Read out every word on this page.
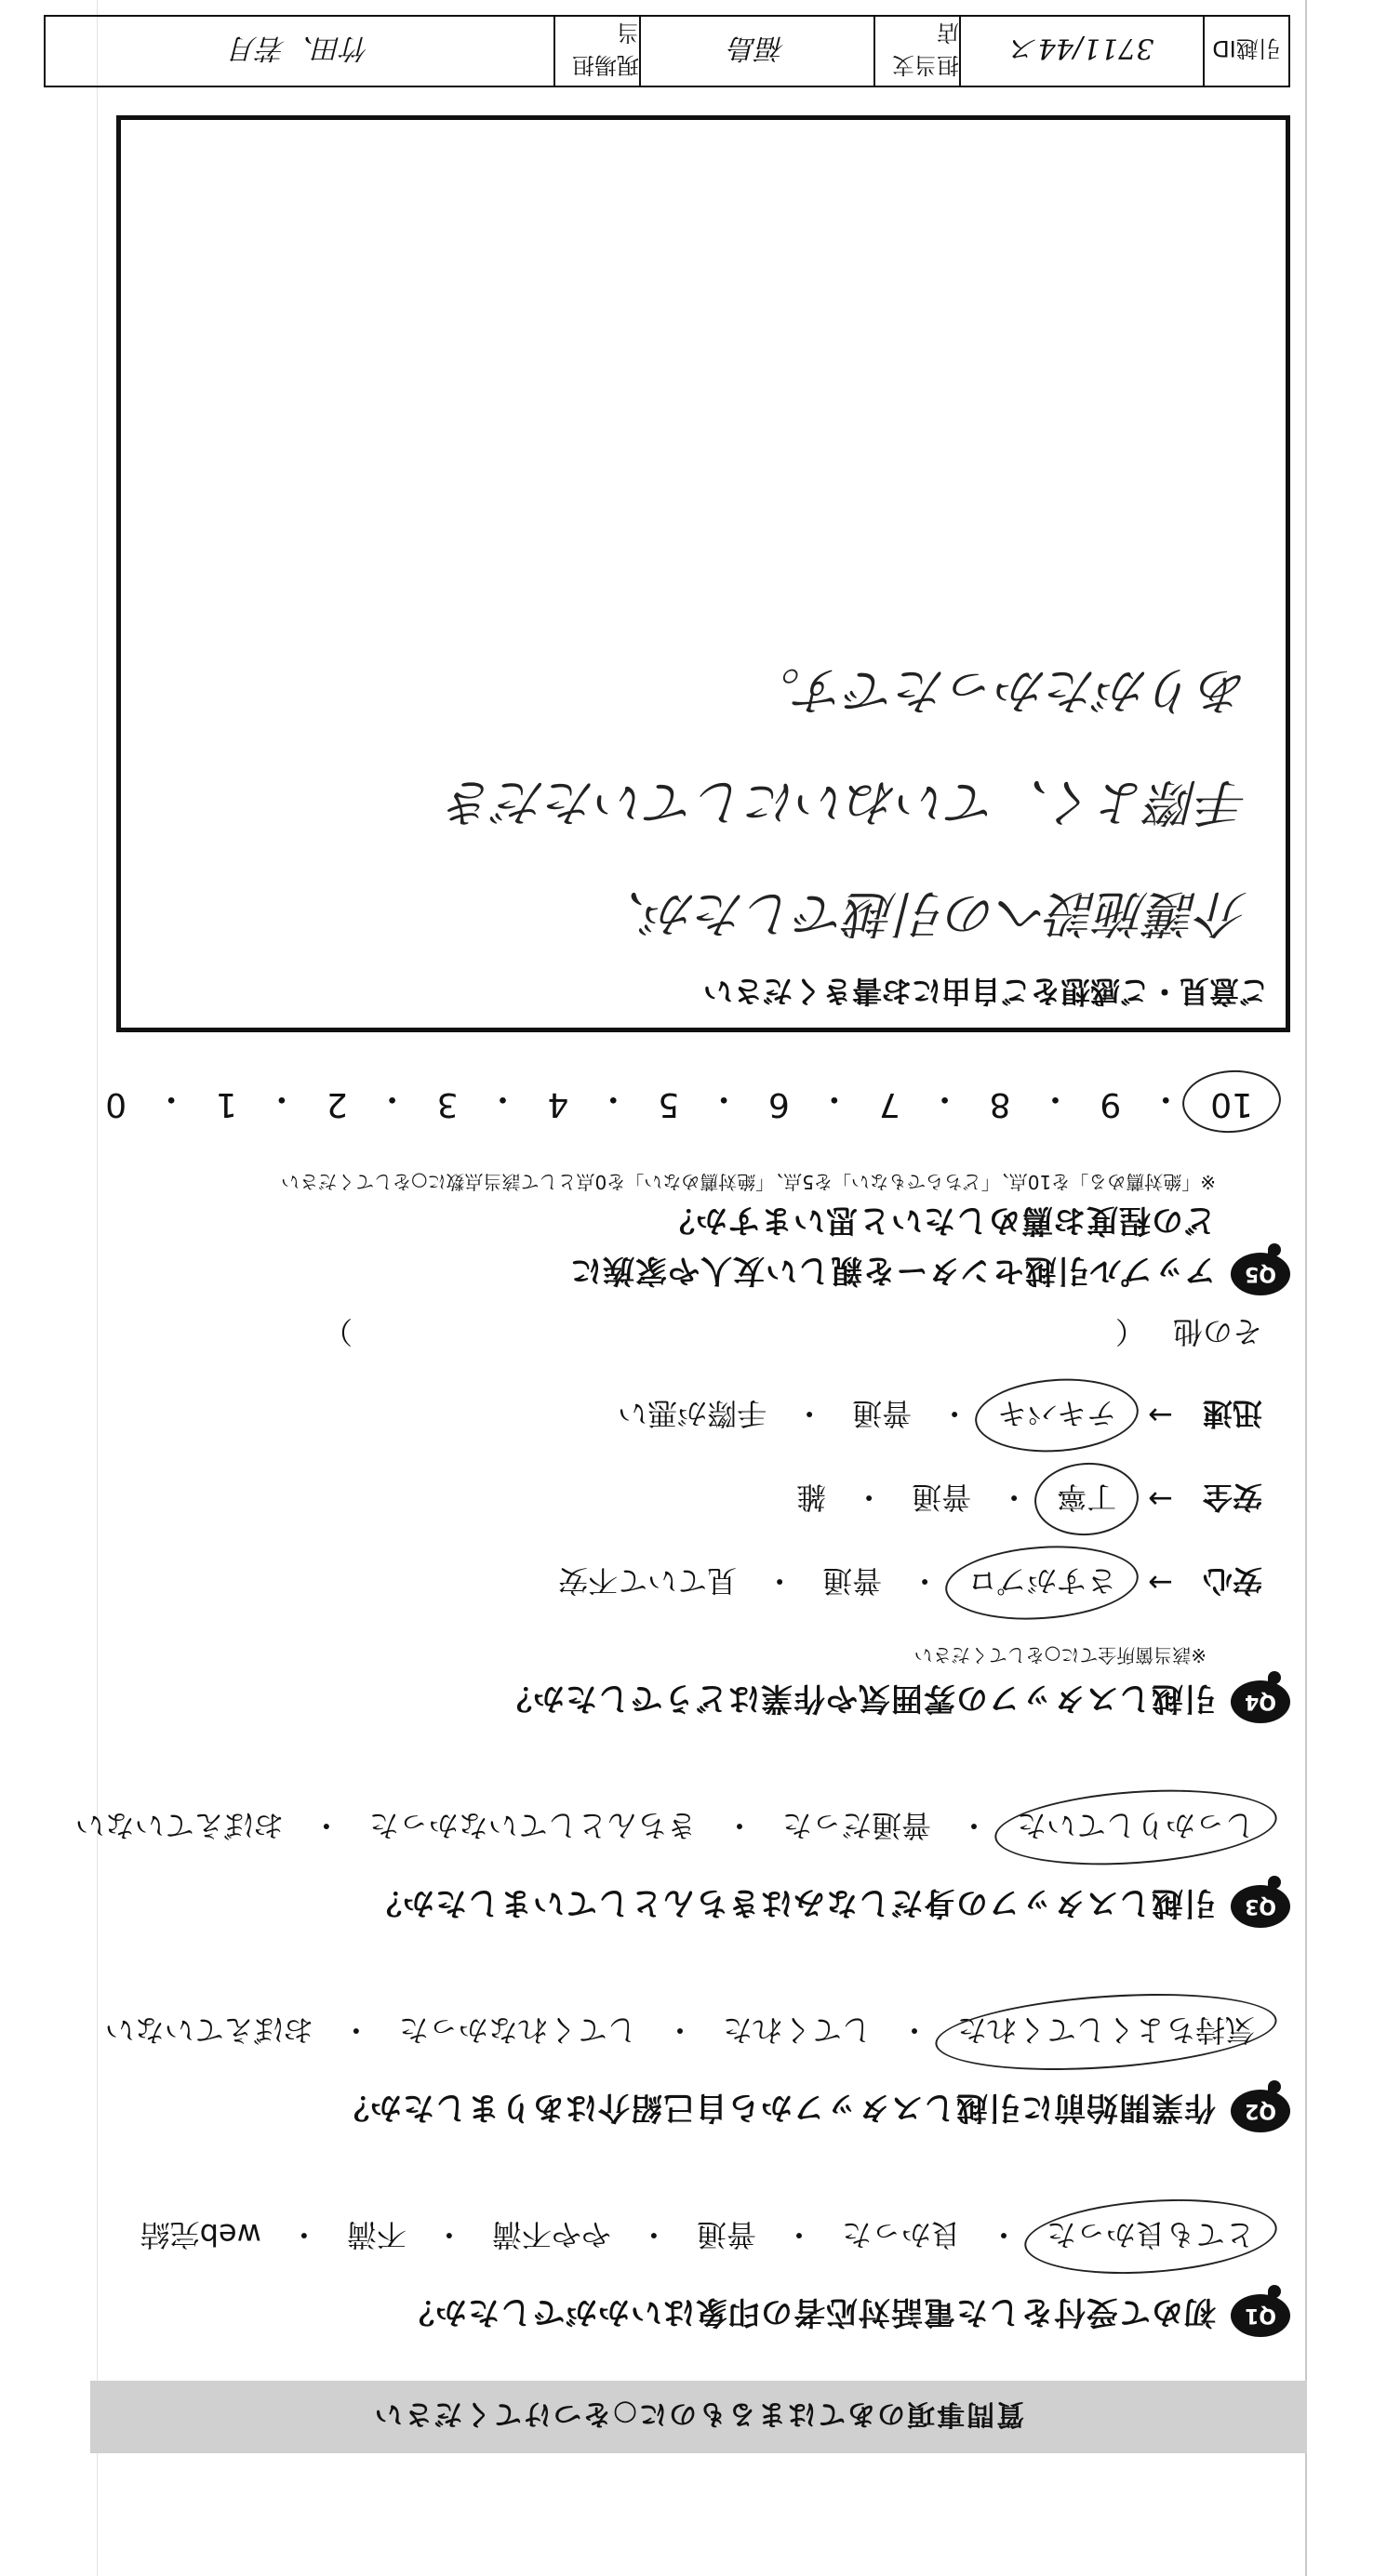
質問事項のあてはまるものに○をつけてください
Q1
初めて受付をした電話対応者の印象はいかがでしたか？
とても良かった
・
良かった
・
普通
・
やや不満
・
不満
・
web完結
Q2
作業開始前に引越しスタッフから自己紹介はありましたか？
気持ちよくしてくれた
・
してくれた
・
してくれなかった
・
おぼえていない
Q3
引越しスタッフの身だしなみはきちんとしていましたか？
しっかりしていた
・
普通だった
・
きちんとしていなかった
・
おぼえていない
Q4
引越しスタッフの雰囲気や作業はどうでしたか？
※該当箇所全てに○をしてください
安心
→
さすがプロ
・
普通
・
見ていて不安
安全
→
丁寧
・
普通
・
雑
迅速
→
テキパキ
・
普通
・
手際が悪い
その他
（
）
Q5
アップル引越センターを親しい友人や家族に
どの程度お薦めしたいと思いますか？
※「絶対薦める」を10点、「どちらでもない」を5点、「絶対薦めない」を0点として該当点数に○をしてください
10
・
9
・
8
・
7
・
6
・
5
・
4
・
3
・
2
・
1
・
0
ご意見・ご感想をご自由にお書きください
介護施設への引越でしたが、
手際よく、ていねいにしていただき
ありがたかったです。
引越ID
3711/44ス
担当支店
福島
現場担当
竹田、若月
